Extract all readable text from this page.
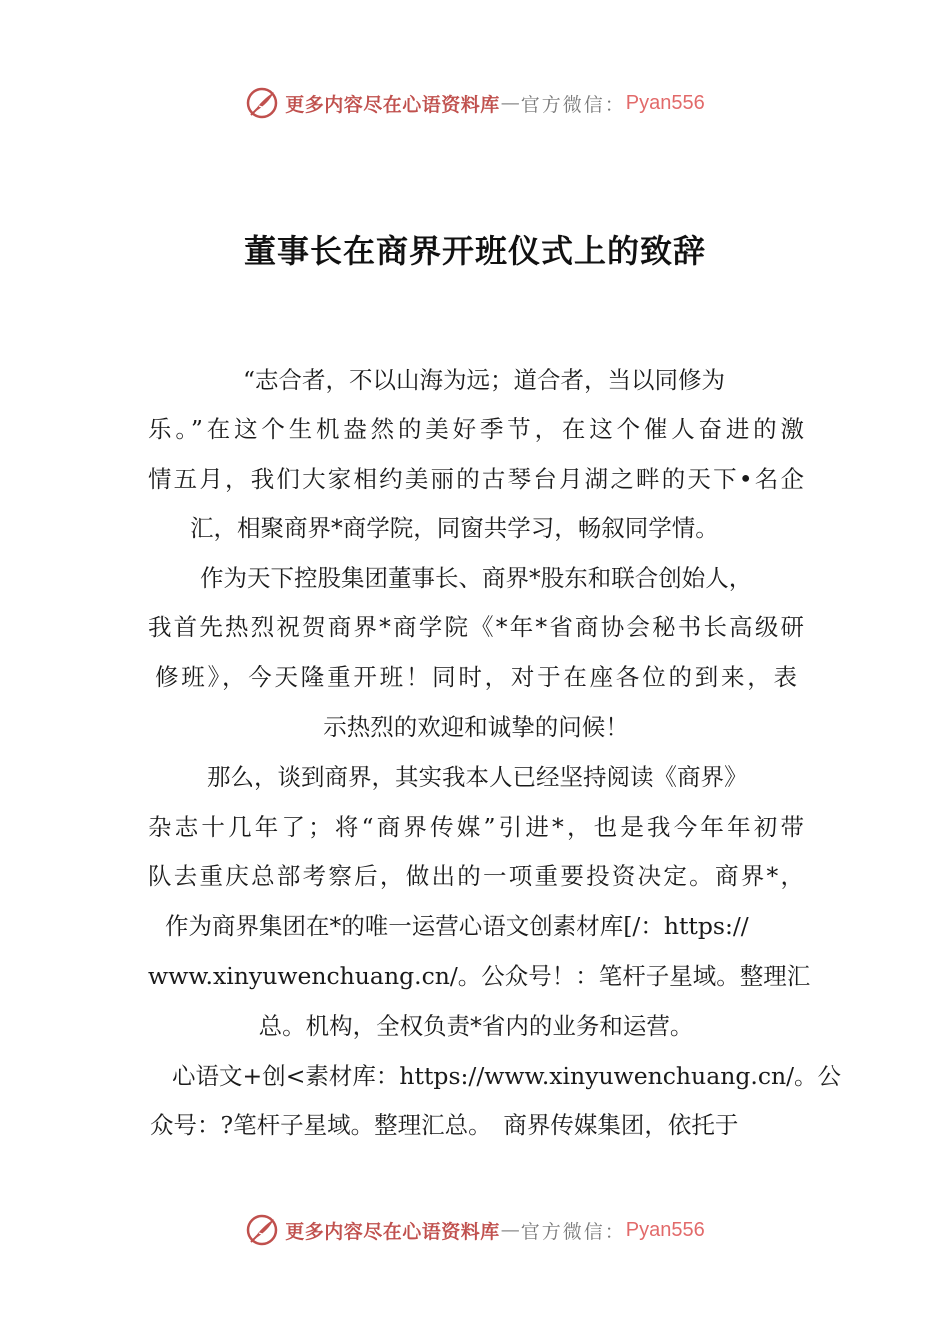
更多内容尽在心语资料库 — 官方微信： Pyan556
董事长在商界开班仪式上的致辞
“志合者，不以山海为远；道合者，当以同修为
乐。”在这个生机盎然的美好季节，在这个催人奋进的激
情五月，我们大家相约美丽的古琴台月湖之畔的天下•名企
汇，相聚商界*商学院，同窗共学习，畅叙同学情。
作为天下控股集团董事长、商界*股东和联合创始人，
我首先热烈祝贺商界*商学院《*年*省商协会秘书长高级研
修班》，今天隆重开班！同时，对于在座各位的到来，表
示热烈的欢迎和诚挚的问候！
那么，谈到商界，其实我本人已经坚持阅读《商界》
杂志十几年了；将“商界传媒”引进*，也是我今年年初带
队去重庆总部考察后，做出的一项重要投资决定。商界*，
作为商界集团在*的唯一运营心语文创素材库[/：https://
www.xinyuwenchuang.cn/。公众号！：笔杆子星域。整理汇
总。机构，全权负责*省内的业务和运营。
心语文+创<素材库：https://www.xinyuwenchuang.cn/。公
众号：?笔杆子星域。整理汇总。　商界传媒集团，依托于
更多内容尽在心语资料库 — 官方微信： Pyan556
